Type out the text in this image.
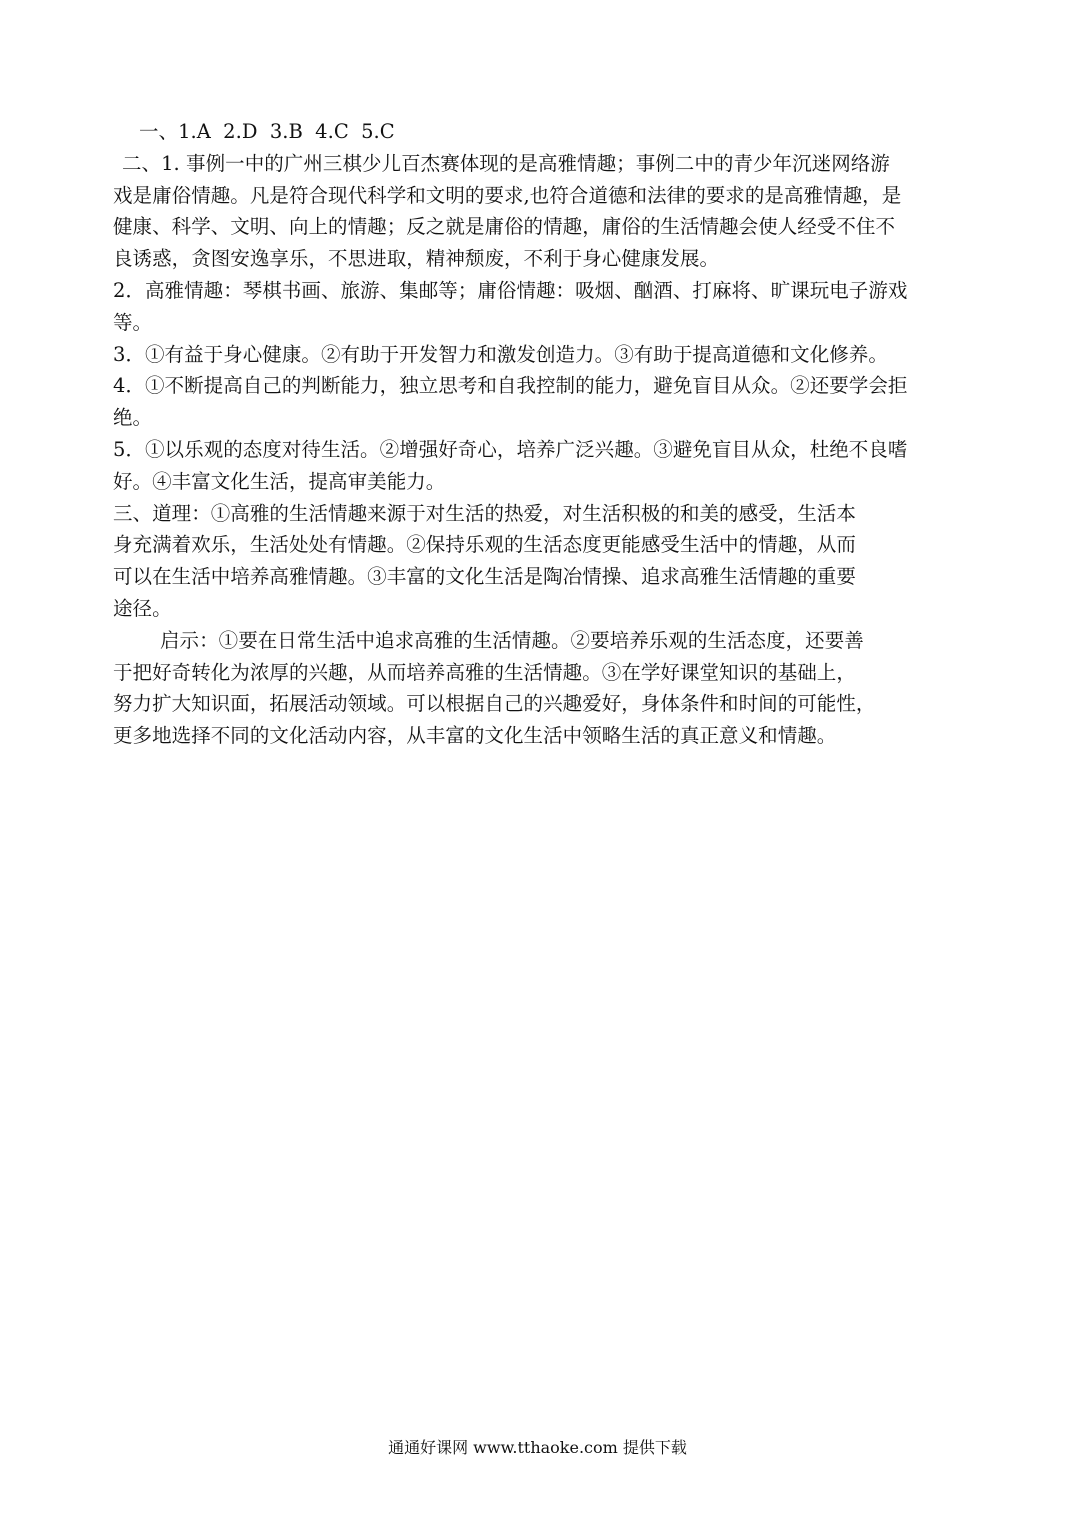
一、1.A 2.D 3.B 4.C 5.C
二、1. 事例一中的广州三棋少儿百杰赛体现的是高雅情趣；事例二中的青少年沉迷网络游
戏是庸俗情趣。凡是符合现代科学和文明的要求,也符合道德和法律的要求的是高雅情趣，是
健康、科学、文明、向上的情趣；反之就是庸俗的情趣，庸俗的生活情趣会使人经受不住不
良诱惑，贪图安逸享乐，不思进取，精神颓废，不利于身心健康发展。
2．高雅情趣：琴棋书画、旅游、集邮等；庸俗情趣：吸烟、酗酒、打麻将、旷课玩电子游戏
等。
3．①有益于身心健康。②有助于开发智力和激发创造力。③有助于提高道德和文化修养。
4．①不断提高自己的判断能力，独立思考和自我控制的能力，避免盲目从众。②还要学会拒
绝。
5．①以乐观的态度对待生活。②增强好奇心，培养广泛兴趣。③避免盲目从众，杜绝不良嗜
好。④丰富文化生活，提高审美能力。
三、道理：①高雅的生活情趣来源于对生活的热爱，对生活积极的和美的感受，生活本
身充满着欢乐，生活处处有情趣。②保持乐观的生活态度更能感受生活中的情趣，从而
可以在生活中培养高雅情趣。③丰富的文化生活是陶冶情操、追求高雅生活情趣的重要
途径。
启示：①要在日常生活中追求高雅的生活情趣。②要培养乐观的生活态度，还要善
于把好奇转化为浓厚的兴趣，从而培养高雅的生活情趣。③在学好课堂知识的基础上，
努力扩大知识面，拓展活动领域。可以根据自己的兴趣爱好，身体条件和时间的可能性，
更多地选择不同的文化活动内容，从丰富的文化生活中领略生活的真正意义和情趣。
通通好课网 www.tthaoke.com 提供下载
